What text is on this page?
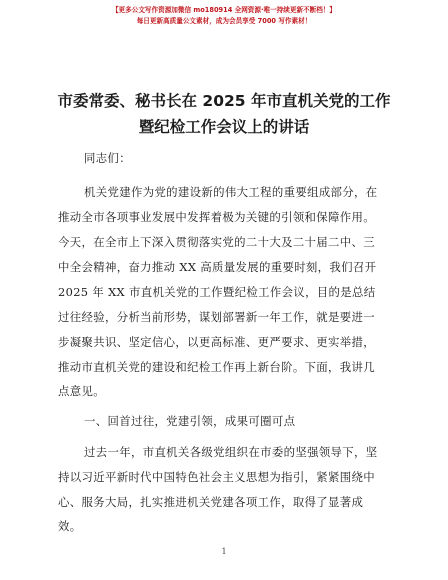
【更多公文写作资源加微信 mo180914 全网资源·唯一持续更新不断档！】
每日更新高质量公文素材，成为会员享受 7000 写作素材！
市委常委、秘书长在 2025 年市直机关党的工作
暨纪检工作会议上的讲话
同志们：
机关党建作为党的建设新的伟大工程的重要组成部分，在
推动全市各项事业发展中发挥着极为关键的引领和保障作用。
今天，在全市上下深入贯彻落实党的二十大及二十届二中、三
中全会精神，奋力推动 XX 高质量发展的重要时刻，我们召开
2025 年 XX 市直机关党的工作暨纪检工作会议，目的是总结
过往经验，分析当前形势，谋划部署新一年工作，就是要进一
步凝聚共识、坚定信心，以更高标准、更严要求、更实举措，
推动市直机关党的建设和纪检工作再上新台阶。下面，我讲几
点意见。
一、回首过往，党建引领，成果可圈可点
过去一年，市直机关各级党组织在市委的坚强领导下，坚
持以习近平新时代中国特色社会主义思想为指引，紧紧围绕中
心、服务大局，扎实推进机关党建各项工作，取得了显著成
效。
1
